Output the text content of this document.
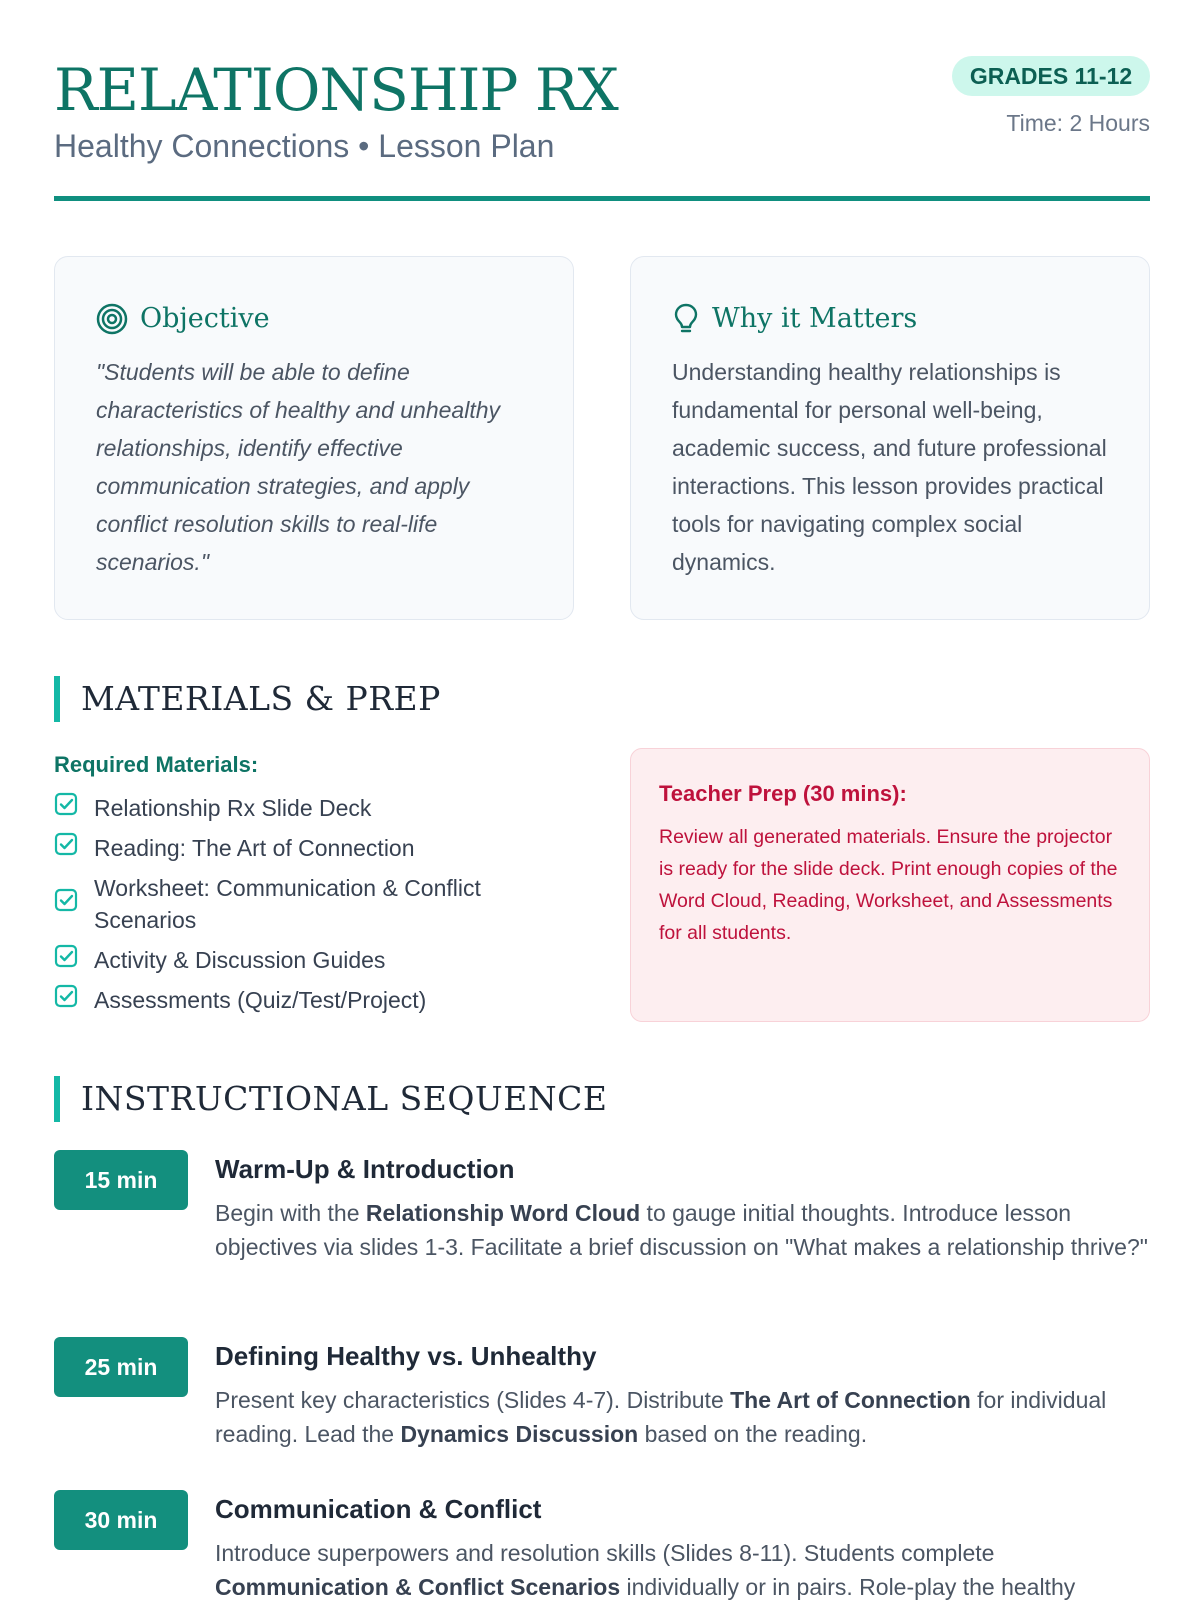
RELATIONSHIP RX
Healthy Connections • Lesson Plan
GRADES 11-12
Time: 2 Hours
Objective
"Students will be able to define characteristics of healthy and unhealthy relationships, identify effective communication strategies, and apply conflict resolution skills to real-life scenarios."
Why it Matters
Understanding healthy relationships is fundamental for personal well-being, academic success, and future professional interactions. This lesson provides practical tools for navigating complex social dynamics.
MATERIALS & PREP
Required Materials:
Relationship Rx Slide Deck
Reading: The Art of Connection
Worksheet: Communication & Conflict Scenarios
Activity & Discussion Guides
Assessments (Quiz/Test/Project)
Teacher Prep (30 mins):
Review all generated materials. Ensure the projector is ready for the slide deck. Print enough copies of the Word Cloud, Reading, Worksheet, and Assessments for all students.
INSTRUCTIONAL SEQUENCE
15 min	Warm-Up & Introduction
Begin with the Relationship Word Cloud to gauge initial thoughts. Introduce lesson objectives via slides 1-3. Facilitate a brief discussion on "What makes a relationship thrive?"
25 min	Defining Healthy vs. Unhealthy
Present key characteristics (Slides 4-7). Distribute The Art of Connection for individual reading. Lead the Dynamics Discussion based on the reading.
30 min	Communication & Conflict
Introduce superpowers and resolution skills (Slides 8-11). Students complete Communication & Conflict Scenarios individually or in pairs. Role-play the healthy
